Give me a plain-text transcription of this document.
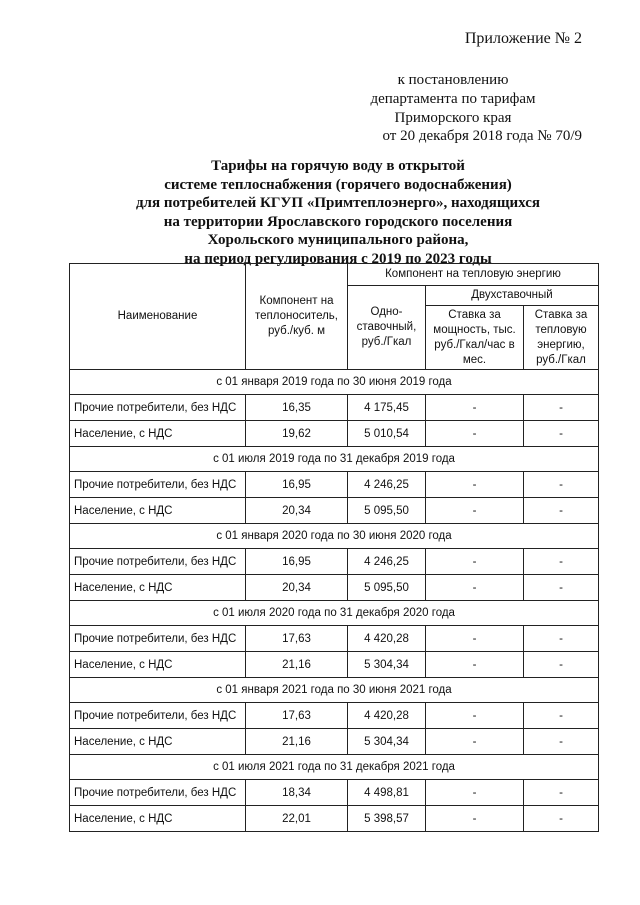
Приложение № 2
к постановлению
департамента по тарифам
Приморского края
от 20 декабря 2018 года № 70/9
Тарифы на горячую воду в открытой
системе теплоснабжения (горячего водоснабжения)
для потребителей КГУП «Примтеплоэнерго», находящихся
на территории Ярославского городского поселения
Хорольского муниципального района,
на период регулирования с 2019 по 2023 годы
Наименование	Компонент на теплоноситель, руб./куб. м	Компонент на тепловую энергию		
		Одно-ставочный, руб./Гкал	Двухставочный	
			Ставка за мощность, тыс. руб./Гкал/час в мес.	Ставка за тепловую энергию, руб./Гкал
с 01 января 2019 года по 30 июня 2019 года				
Прочие потребители, без НДС	16,35	4 175,45	-	-
Население, с НДС	19,62	5 010,54	-	-
с 01 июля 2019 года по 31 декабря 2019 года				
Прочие потребители, без НДС	16,95	4 246,25	-	-
Население, с НДС	20,34	5 095,50	-	-
с 01 января 2020 года по 30 июня 2020 года				
Прочие потребители, без НДС	16,95	4 246,25	-	-
Население, с НДС	20,34	5 095,50	-	-
с 01 июля 2020 года по 31 декабря 2020 года				
Прочие потребители, без НДС	17,63	4 420,28	-	-
Население, с НДС	21,16	5 304,34	-	-
с 01 января 2021 года по 30 июня 2021 года				
Прочие потребители, без НДС	17,63	4 420,28	-	-
Население, с НДС	21,16	5 304,34	-	-
с 01 июля 2021 года по 31 декабря 2021 года				
Прочие потребители, без НДС	18,34	4 498,81	-	-
Население, с НДС	22,01	5 398,57	-	-
